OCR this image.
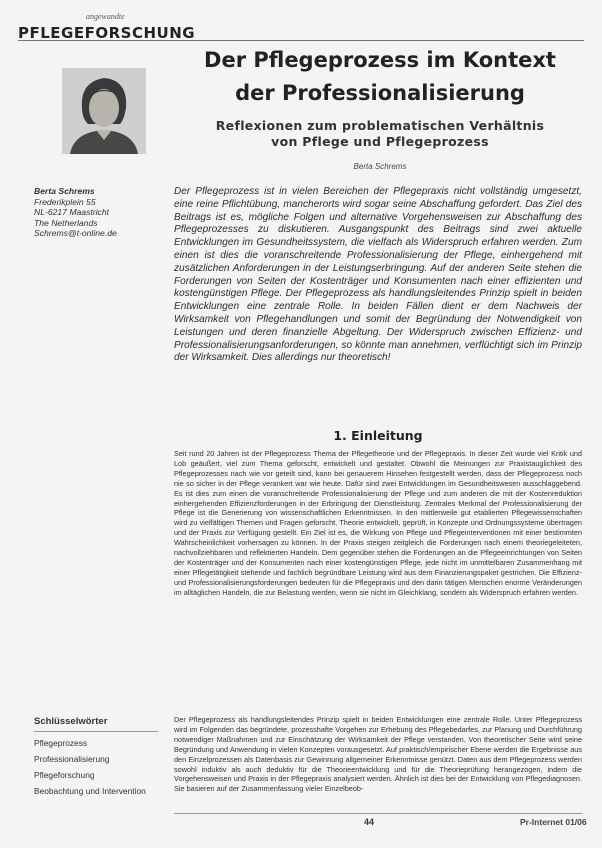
angewandte
PFLEGEFORSCHUNG
Der Pflegeprozess im Kontext
der Professionalisierung
Reflexionen zum problematischen Verhältnis
von Pflege und Pflegeprozess
Berta Schrems
Berta Schrems
Frederikplein 55
NL-6217 Maastricht
The Netherlands
Schrems@t-online.de

Der Pflegeprozess ist in vielen Bereichen der Pflegepraxis nicht vollständig umgesetzt, eine reine Pflichtübung, mancherorts wird sogar seine Abschaffung gefordert. Das Ziel des Beitrags ist es, mögliche Folgen und alternative Vorgehensweisen zur Abschaffung des Pflegeprozesses zu diskutieren. Ausgangspunkt des Beitrags sind zwei aktuelle Entwicklungen im Gesundheitssystem, die vielfach als Widerspruch erfahren werden. Zum einen ist dies die voranschreitende Professionalisierung der Pflege, einhergehend mit zusätzlichen Anforderungen in der Leistungserbringung. Auf der anderen Seite stehen die Forderungen von Seiten der Kostenträger und Konsumenten nach einer effizienten und kostengünstigen Pflege. Der Pflegeprozess als handlungsleitendes Prinzip spielt in beiden Entwicklungen eine zentrale Rolle. In beiden Fällen dient er dem Nachweis der Wirksamkeit von Pflegehandlungen und somit der Begründung der Notwendigkeit von Leistungen und deren finanzielle Abgeltung. Der Widerspruch zwischen Effizienz- und Professionalisierungsanforderungen, so könnte man annehmen, verflüchtigt sich im Prinzip der Wirksamkeit. Dies allerdings nur theoretisch!

1. Einleitung

Seit rund 20 Jahren ist der Pflegeprozess Thema der Pflegetheorie und der Pflegepraxis. In dieser Zeit wurde viel Kritik und Lob geäußert, viel zum Thema geforscht, entwickelt und gestaltet. Obwohl die Meinungen zur Praxistauglichkeit des Pflegeprozesses nach wie vor geteilt sind, kann bei genauerem Hinsehen festgestellt werden, dass der Pflegeprozess noch nie so sicher in der Pflege verankert war wie heute. Dafür sind zwei Entwicklungen im Gesundheitswesen ausschlaggebend. Es ist dies zum einen die voranschreitende Professionalisierung der Pflege und zum anderen die mit der Kostenreduktion einhergehenden Effizienzforderungen in der Erbringung der Dienstleistung. Zentrales Merkmal der Professionalisierung der Pflege ist die Generierung von wissenschaftlichen Erkenntnissen. In den mittlerweile gut etablierten Pflegewissenschaften wird zu vielfältigen Themen und Fragen geforscht, Theorie entwickelt, geprüft, in Konzepte und Ordnungssysteme übertragen und der Praxis zur Verfügung gestellt. Ein Ziel ist es, die Wirkung von Pflege und Pflegeinterventionen mit einer bestimmten Wahrscheinlichkeit vorhersagen zu können. In der Praxis steigen zeitgleich die Forderungen nach einem theoriegeleiteten, nachvollziehbaren und reflektierten Handeln. Dem gegenüber stehen die Forderungen an die Pflegeeinrichtungen von Seiten der Kostenträger und der Konsumenten nach einer kostengünstigen Pflege, jede nicht im unmittelbaren Zusammenhang mit einer Pflegetätigkeit stehende und fachlich begründbare Leistung wird aus dem Finanzierungspaket gestrichen. Die Effizienz- und Professionalisierungsforderungen bedeuten für die Pflegepraxis und den darin tätigen Menschen enorme Veränderungen im alltäglichen Handeln, die zur Belastung werden, wenn sie nicht im Gleichklang, sondern als Widerspruch erfahren werden.

Der Pflegeprozess als handlungsleitendes Prinzip spielt in beiden Entwicklungen eine zentrale Rolle. Unter Pflegeprozess wird im Folgenden das begründete, prozesshafte Vorgehen zur Erhebung des Pflegebedarfes, zur Planung und Durchführung notwendiger Maßnahmen und zur Einschätzung der Wirksamkeit der Pflege verstanden. Von theoretischer Seite wird seine Begründung und Anwendung in vielen Konzepten vorausgesetzt. Auf praktisch/empirischer Ebene werden die Ergebnisse aus den Einzelprozessen als Datenbasis zur Gewinnung allgemeiner Erkenntnisse genützt. Daten aus dem Pflegeprozess werden sowohl induktiv als auch deduktiv für die Theorieentwicklung und für die Theorieprüfung herangezogen, indem die Vorgehensweisen und Praxis in der Pflegepraxis analysiert werden. Ähnlich ist dies bei der Entwicklung von Pflegediagnosen. Sie basieren auf der Zusammenfassung vieler Einzelbeob-

Schlüsselwörter
Pflegeprozess
Professionalisierung
Pflegeforschung
Beobachtung und Intervention
44	Pr-Internet 01/06
